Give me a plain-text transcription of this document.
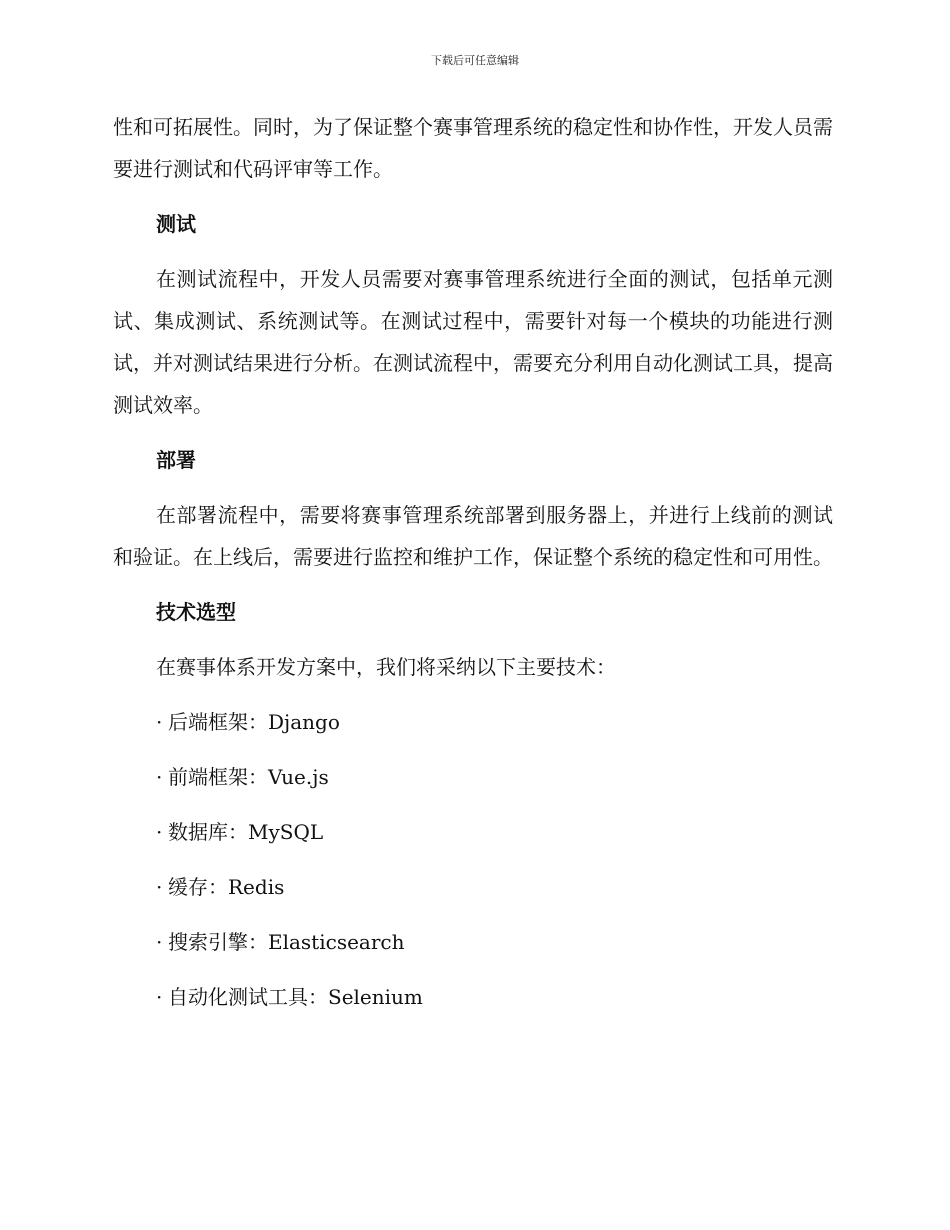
下载后可任意编辑

性和可拓展性。同时，为了保证整个赛事管理系统的稳定性和协作性，开发人员需要进行测试和代码评审等工作。

测试

在测试流程中，开发人员需要对赛事管理系统进行全面的测试，包括单元测试、集成测试、系统测试等。在测试过程中，需要针对每一个模块的功能进行测试，并对测试结果进行分析。在测试流程中，需要充分利用自动化测试工具，提高测试效率。

部署

在部署流程中，需要将赛事管理系统部署到服务器上，并进行上线前的测试和验证。在上线后，需要进行监控和维护工作，保证整个系统的稳定性和可用性。

技术选型

在赛事体系开发方案中，我们将采纳以下主要技术：

· 后端框架：Django
· 前端框架：Vue.js
· 数据库：MySQL
· 缓存：Redis
· 搜索引擎：Elasticsearch
· 自动化测试工具：Selenium
